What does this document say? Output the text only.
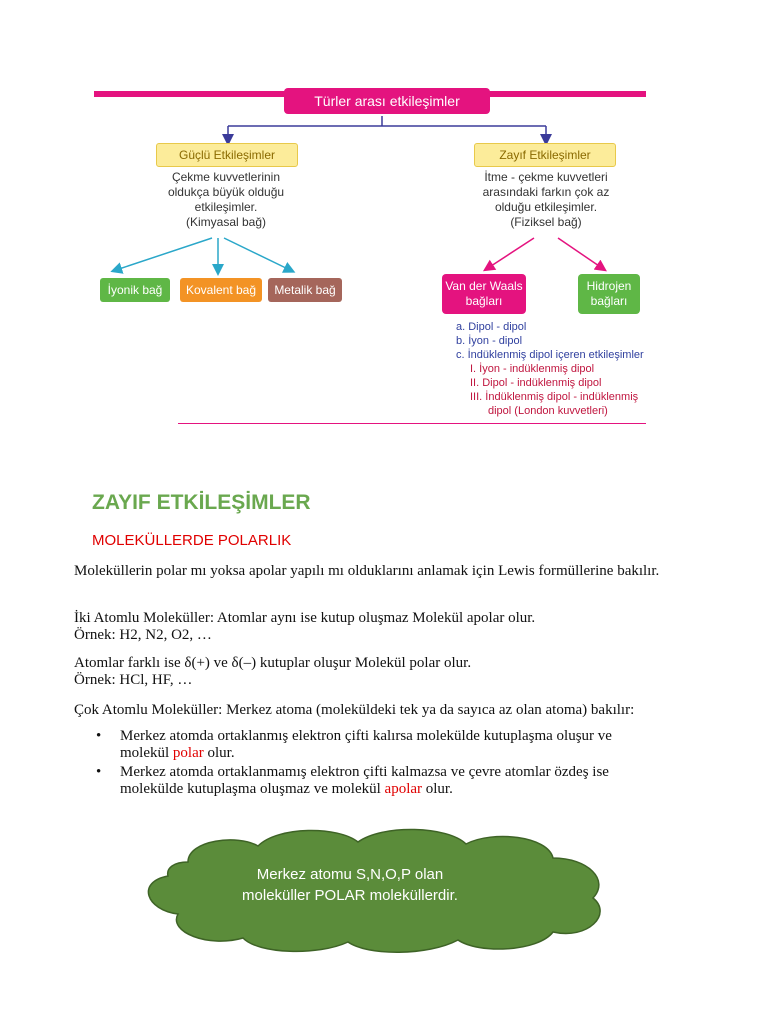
Türler arası etkileşimler
Güçlü Etkileşimler
Çekme kuvvetlerinin
oldukça büyük olduğu
etkileşimler.
(Kimyasal bağ)
Zayıf Etkileşimler
İtme - çekme kuvvetleri
arasındaki farkın çok az
olduğu etkileşimler.
(Fiziksel bağ)
İyonik bağ	Kovalent bağ	Metalik bağ	Van der Waals bağları
Hidrojen bağları
a. Dipol - dipol
b. İyon - dipol
c. İndüklenmiş dipol içeren etkileşimler
I. İyon - indüklenmiş dipol
II. Dipol - indüklenmiş dipol
III. İndüklenmiş dipol - indüklenmiş
dipol (London kuvvetleri)
ZAYIF ETKİLEŞİMLER
MOLEKÜLLERDE POLARLIK
Moleküllerin polar mı yoksa apolar yapılı mı olduklarını anlamak için Lewis formüllerine bakılır.
İki Atomlu Moleküller: Atomlar aynı ise kutup oluşmaz Molekül apolar olur.
Örnek: H2, N2, O2, …
Atomlar farklı ise δ(+) ve δ(–) kutuplar oluşur Molekül polar olur.
Örnek: HCl, HF, …
Çok Atomlu Moleküller: Merkez atoma (moleküldeki tek ya da sayıca az olan atoma) bakılır:
• Merkez atomda ortaklanmış elektron çifti kalırsa molekülde kutuplaşma oluşur ve molekül polar olur.
• Merkez atomda ortaklanmamış elektron çifti kalmazsa ve çevre atomlar özdeş ise molekülde kutuplaşma oluşmaz ve molekül apolar olur.
Merkez atomu S,N,O,P olan
moleküller POLAR moleküllerdir.
